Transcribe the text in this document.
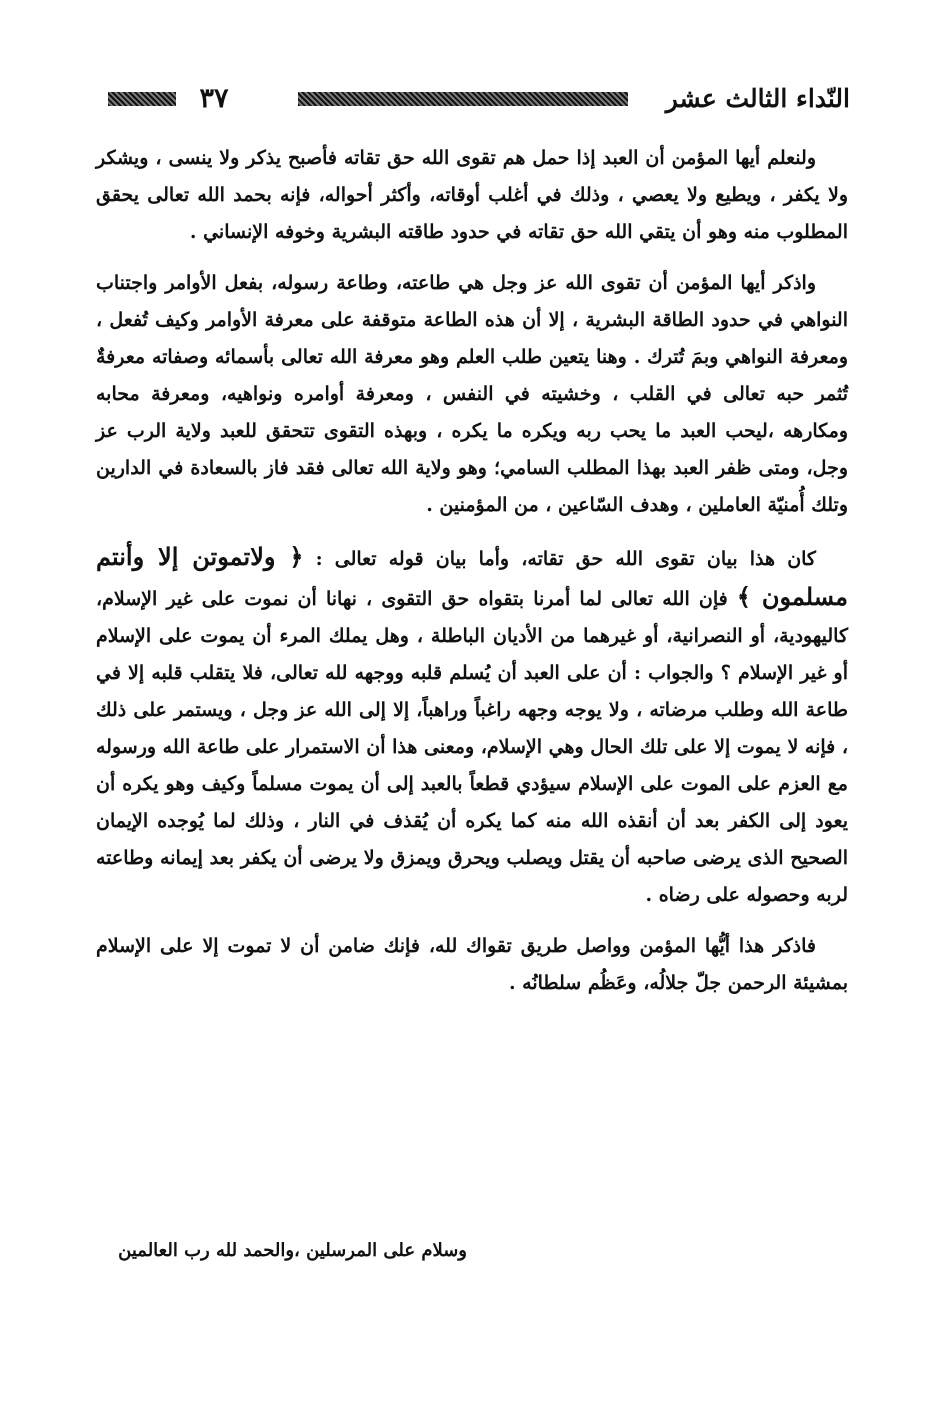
النّداء الثالث عشر
٣٧

ولنعلم أيها المؤمن أن العبد إذا حمل هم تقوى الله حق تقاته فأصبح يذكر ولا ينسى ، ويشكر ولا يكفر ، ويطيع ولا يعصي ، وذلك في أغلب أوقاته، وأكثر أحواله، فإنه بحمد الله تعالى يحقق المطلوب منه وهو أن يتقي الله حق تقاته في حدود طاقته البشرية وخوفه الإنساني .

واذكر أيها المؤمن أن تقوى الله عز وجل هي طاعته، وطاعة رسوله، بفعل الأوامر واجتناب النواهي في حدود الطاقة البشرية ، إلا أن هذه الطاعة متوقفة على معرفة الأوامر وكيف تُفعل ، ومعرفة النواهي وبمَ تُترك . وهنا يتعين طلب العلم وهو معرفة الله تعالى بأسمائه وصفاته معرفةٌ تُثمر حبه تعالى في القلب ، وخشيته في النفس ، ومعرفة أوامره ونواهيه، ومعرفة محابه ومكارهه ،ليحب العبد ما يحب ربه ويكره ما يكره ، وبهذه التقوى تتحقق للعبد ولاية الرب عز وجل، ومتى ظفر العبد بهذا المطلب السامي؛ وهو ولاية الله تعالى فقد فاز بالسعادة في الدارين وتلك أُمنيّة العاملين ، وهدف السّاعين ، من المؤمنين .

كان هذا بيان تقوى الله حق تقاته، وأما بيان قوله تعالى : ﴿ ولاتموتن إلا وأنتم مسلمون ﴾ فإن الله تعالى لما أمرنا بتقواه حق التقوى ، نهانا أن نموت على غير الإسلام، كاليهودية، أو النصرانية، أو غيرهما من الأديان الباطلة ، وهل يملك المرء أن يموت على الإسلام أو غير الإسلام ؟ والجواب : أن على العبد أن يُسلم قلبه ووجهه لله تعالى، فلا يتقلب قلبه إلا في طاعة الله وطلب مرضاته ، ولا يوجه وجهه راغباً وراهباً، إلا إلى الله عز وجل ، ويستمر على ذلك ، فإنه لا يموت إلا على تلك الحال وهي الإسلام، ومعنى هذا أن الاستمرار على طاعة الله ورسوله مع العزم على الموت على الإسلام سيؤدي قطعاً بالعبد إلى أن يموت مسلماً وكيف وهو يكره أن يعود إلى الكفر بعد أن أنقذه الله منه كما يكره أن يُقذف في النار ، وذلك لما يُوجده الإيمان الصحيح الذى يرضى صاحبه أن يقتل ويصلب ويحرق ويمزق ولا يرضى أن يكفر بعد إيمانه وطاعته لربه وحصوله على رضاه .

فاذكر هذا أيُّها المؤمن وواصل طريق تقواك لله، فإنك ضامن أن لا تموت إلا على الإسلام بمشيئة الرحمن جلّ جلالُه، وعَظُم سلطانُه .

وسلام على المرسلين ،والحمد لله رب العالمين
